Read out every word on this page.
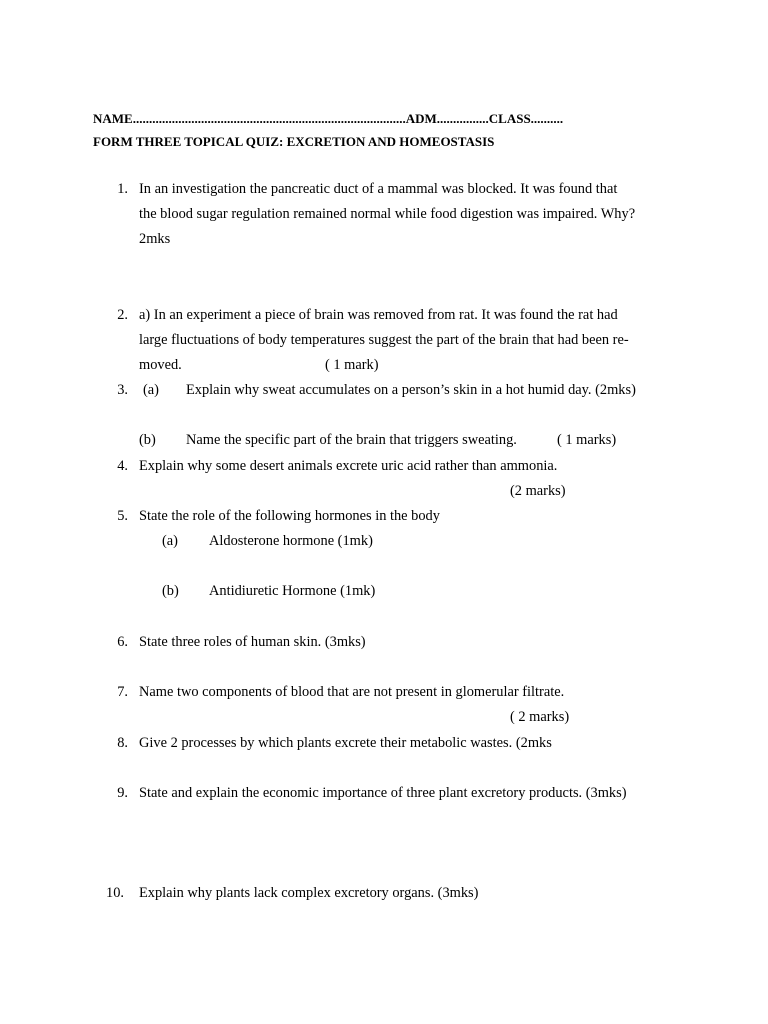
NAME....................................................................................ADM................CLASS..........
FORM THREE TOPICAL QUIZ: EXCRETION AND HOMEOSTASIS
1. In an investigation the pancreatic duct of a mammal was blocked. It was found that
the blood sugar regulation remained normal while food digestion was impaired. Why?
2mks
2. a) In an experiment a piece of brain was removed from rat. It was found the rat had
large fluctuations of body temperatures suggest the part of the brain that had been re-
moved.	( 1 mark)
3. (a) Explain why sweat accumulates on a person’s skin in a hot humid day. (2mks)
(b) Name the specific part of the brain that triggers sweating.	( 1 marks)
4. Explain why some desert animals excrete uric acid rather than ammonia.
(2 marks)
5. State the role of the following hormones in the body
(a) Aldosterone hormone (1mk)
(b) Antidiuretic Hormone (1mk)
6. State three roles of human skin. (3mks)
7. Name two components of blood that are not present in glomerular filtrate.
( 2 marks)
8. Give 2 processes by which plants excrete their metabolic wastes. (2mks
9. State and explain the economic importance of three plant excretory products. (3mks)
10.	Explain why plants lack complex excretory organs. (3mks)
